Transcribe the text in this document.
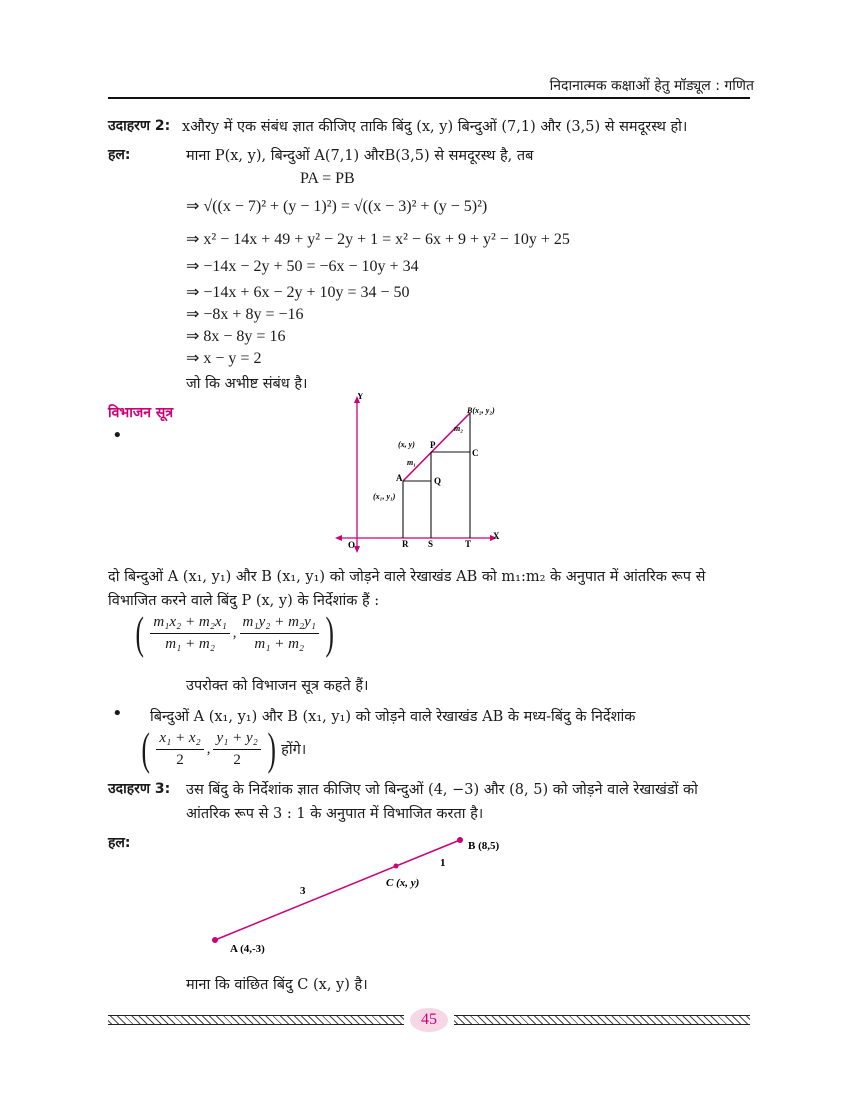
निदानात्मक कक्षाओं हेतु मॉड्यूल : गणित
उदाहरण 2: xऔरy में एक संबंध ज्ञात कीजिए ताकि बिंदु (x, y) बिन्दुओं (7,1) और (3,5) से समदूरस्थ हो।
हल:	माना P(x, y), बिन्दुओं A(7,1) औरB(3,5) से समदूरस्थ है, तब
PA = PB
⇒ √((x − 7)² + (y − 1)²) = √((x − 3)² + (y − 5)²)
⇒ x² − 14x + 49 + y² − 2y + 1 = x² − 6x + 9 + y² − 10y + 25
⇒ −14x − 2y + 50 = −6x − 10y + 34
⇒ −14x + 6x − 2y + 10y = 34 − 50
⇒ −8x + 8y = −16
⇒ 8x − 8y = 16
⇒ x − y = 2
जो कि अभीष्ट संबंध है।
विभाजन सूत्र
•
Y
X
O
A
B(x₂, y₂)
P
Q
C
R S	T
m₂
m₁
(x, y)
(x₁, y₁)
दो बिन्दुओं A (x₁, y₁) और B (x₁, y₁) को जोड़ने वाले रेखाखंड AB को m₁:m₂ के अनुपात में आंतरिक रूप से
विभाजित करने वाले बिंदु P (x, y) के निर्देशांक हैं :
( $\frac{\text{m₁x₂ + m₂x₁}}{\text{m₁ + m₂}}$ , $\frac{\text{m₁y₂ + m₂y₁}}{\text{m₁ + m₂}}$ )
उपरोक्त को विभाजन सूत्र कहते हैं।
• बिन्दुओं A (x₁, y₁) और B (x₁, y₁) को जोड़ने वाले रेखाखंड AB के मध्य-बिंदु के निर्देशांक
( $\frac{\text{x₁ + x₂}}{2}$ , $\frac{\text{y₁ + y₂}}{2}$ ) होंगे।
उदाहरण 3: उस बिंदु के निर्देशांक ज्ञात कीजिए जो बिन्दुओं (4, −3) और (8, 5) को जोड़ने वाले रेखाखंडों को
आंतरिक रूप से 3 : 1 के अनुपात में विभाजित करता है।
हल:
A (4,-3)
B (8,5)
C (x, y)
3
1
माना कि वांछित बिंदु C (x, y) है।
45
